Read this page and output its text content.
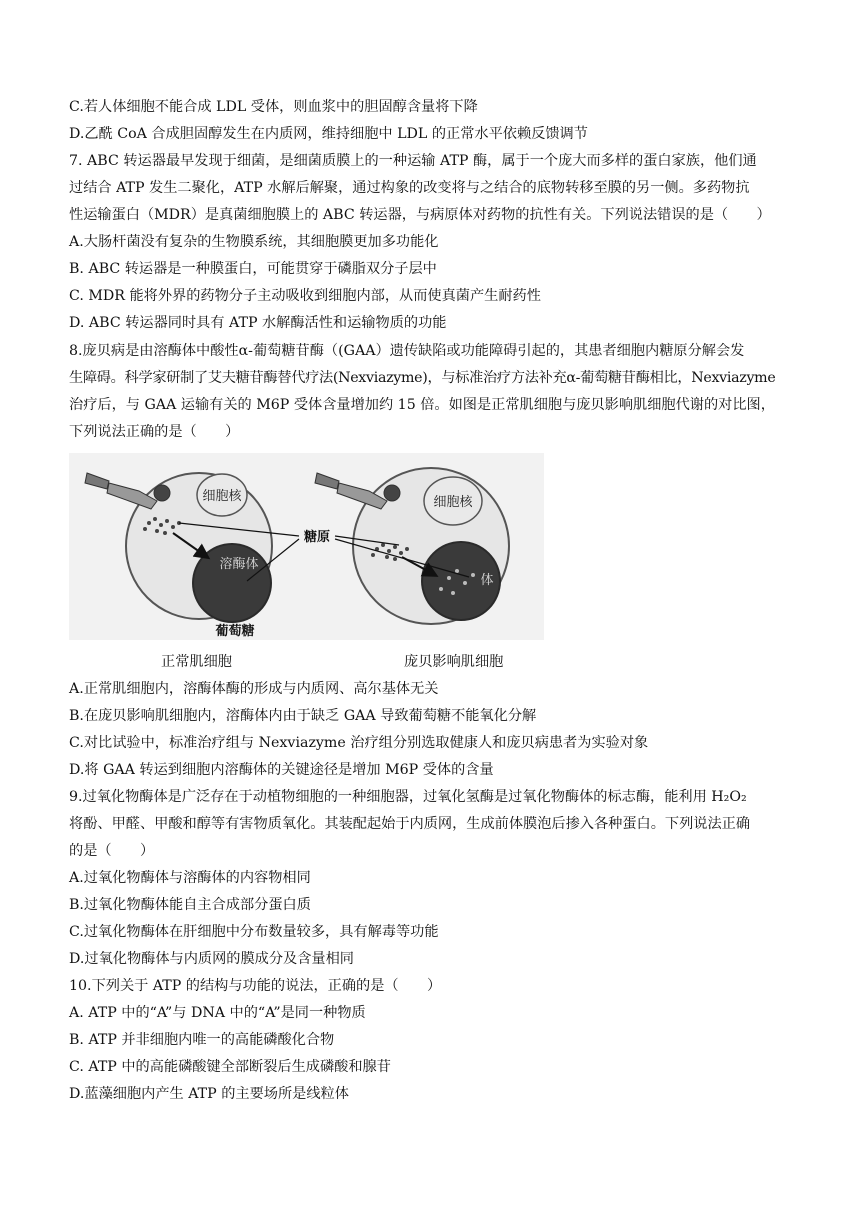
C.若人体细胞不能合成 LDL 受体，则血浆中的胆固醇含量将下降
D.乙酰 CoA 合成胆固醇发生在内质网，维持细胞中 LDL 的正常水平依赖反馈调节
7. ABC 转运器最早发现于细菌，是细菌质膜上的一种运输 ATP 酶，属于一个庞大而多样的蛋白家族，他们通
过结合 ATP 发生二聚化，ATP 水解后解聚，通过构象的改变将与之结合的底物转移至膜的另一侧。多药物抗
性运输蛋白（MDR）是真菌细胞膜上的 ABC 转运器，与病原体对药物的抗性有关。下列说法错误的是（　　）
A.大肠杆菌没有复杂的生物膜系统，其细胞膜更加多功能化
B. ABC 转运器是一种膜蛋白，可能贯穿于磷脂双分子层中
C. MDR 能将外界的药物分子主动吸收到细胞内部，从而使真菌产生耐药性
D. ABC 转运器同时具有 ATP 水解酶活性和运输物质的功能
8.庞贝病是由溶酶体中酸性α-葡萄糖苷酶（(GAA）遗传缺陷或功能障碍引起的，其患者细胞内糖原分解会发
生障碍。科学家研制了艾夫糖苷酶替代疗法(Nexviazyme)，与标准治疗方法补充α-葡萄糖苷酶相比，Nexviazyme
治疗后，与 GAA 运输有关的 M6P 受体含量增加约 15 倍。如图是正常肌细胞与庞贝影响肌细胞代谢的对比图，
下列说法正确的是（　　）
细胞核	细胞核
溶酶体
体
糖原
葡萄糖
正常肌细胞	庞贝影响肌细胞
A.正常肌细胞内，溶酶体酶的形成与内质网、高尔基体无关
B.在庞贝影响肌细胞内，溶酶体内由于缺乏 GAA 导致葡萄糖不能氧化分解
C.对比试验中，标准治疗组与 Nexviazyme 治疗组分别选取健康人和庞贝病患者为实验对象
D.将 GAA 转运到细胞内溶酶体的关键途径是增加 M6P 受体的含量
9.过氧化物酶体是广泛存在于动植物细胞的一种细胞器，过氧化氢酶是过氧化物酶体的标志酶，能利用 H₂O₂
将酚、甲醛、甲酸和醇等有害物质氧化。其装配起始于内质网，生成前体膜泡后掺入各种蛋白。下列说法正确
的是（　　）
A.过氧化物酶体与溶酶体的内容物相同
B.过氧化物酶体能自主合成部分蛋白质
C.过氧化物酶体在肝细胞中分布数量较多，具有解毒等功能
D.过氧化物酶体与内质网的膜成分及含量相同
10.下列关于 ATP 的结构与功能的说法，正确的是（　　）
A. ATP 中的“A”与 DNA 中的“A”是同一种物质
B. ATP 并非细胞内唯一的高能磷酸化合物
C. ATP 中的高能磷酸键全部断裂后生成磷酸和腺苷
D.蓝藻细胞内产生 ATP 的主要场所是线粒体
